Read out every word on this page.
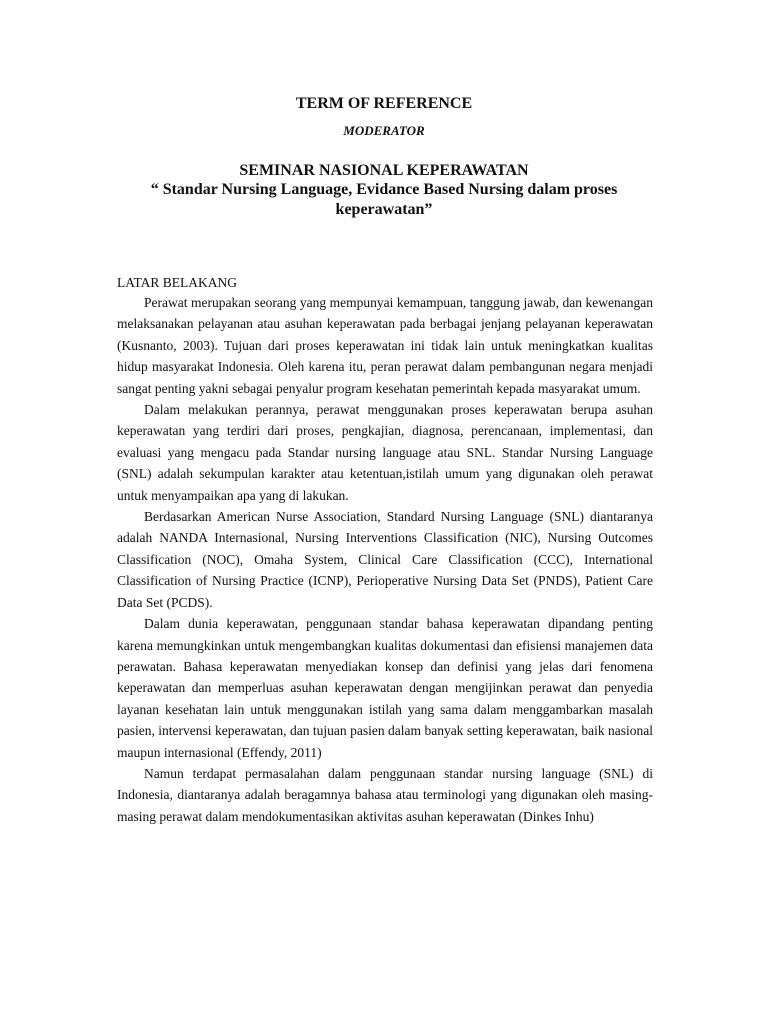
TERM OF REFERENCE
MODERATOR
SEMINAR NASIONAL KEPERAWATAN
“ Standar Nursing Language, Evidance Based Nursing dalam proses keperawatan”
LATAR BELAKANG

Perawat merupakan seorang yang mempunyai kemampuan, tanggung jawab, dan kewenangan melaksanakan pelayanan atau asuhan keperawatan pada berbagai jenjang pelayanan keperawatan (Kusnanto, 2003). Tujuan dari proses keperawatan ini tidak lain untuk meningkatkan kualitas hidup masyarakat Indonesia. Oleh karena itu, peran perawat dalam pembangunan negara menjadi sangat penting yakni sebagai penyalur program kesehatan pemerintah kepada masyarakat umum.

Dalam melakukan perannya, perawat menggunakan proses keperawatan berupa asuhan keperawatan yang terdiri dari proses, pengkajian, diagnosa, perencanaan, implementasi, dan evaluasi yang mengacu pada Standar nursing language atau SNL. Standar Nursing Language (SNL) adalah sekumpulan karakter atau ketentuan,istilah umum yang digunakan oleh perawat untuk menyampaikan apa yang di lakukan.

Berdasarkan American Nurse Association, Standard Nursing Language (SNL) diantaranya adalah NANDA Internasional, Nursing Interventions Classification (NIC), Nursing Outcomes Classification (NOC), Omaha System, Clinical Care Classification (CCC), International Classification of Nursing Practice (ICNP), Perioperative Nursing Data Set (PNDS), Patient Care Data Set (PCDS).

Dalam dunia keperawatan, penggunaan standar bahasa keperawatan dipandang penting karena memungkinkan untuk mengembangkan kualitas dokumentasi dan efisiensi manajemen data perawatan. Bahasa keperawatan menyediakan konsep dan definisi yang jelas dari fenomena keperawatan dan memperluas asuhan keperawatan dengan mengijinkan perawat dan penyedia layanan kesehatan lain untuk menggunakan istilah yang sama dalam menggambarkan masalah pasien, intervensi keperawatan, dan tujuan pasien dalam banyak setting keperawatan, baik nasional maupun internasional (Effendy, 2011)

Namun terdapat permasalahan dalam penggunaan standar nursing language (SNL) di Indonesia, diantaranya adalah beragamnya bahasa atau terminologi yang digunakan oleh masing-masing perawat dalam mendokumentasikan aktivitas asuhan keperawatan (Dinkes Inhu)
